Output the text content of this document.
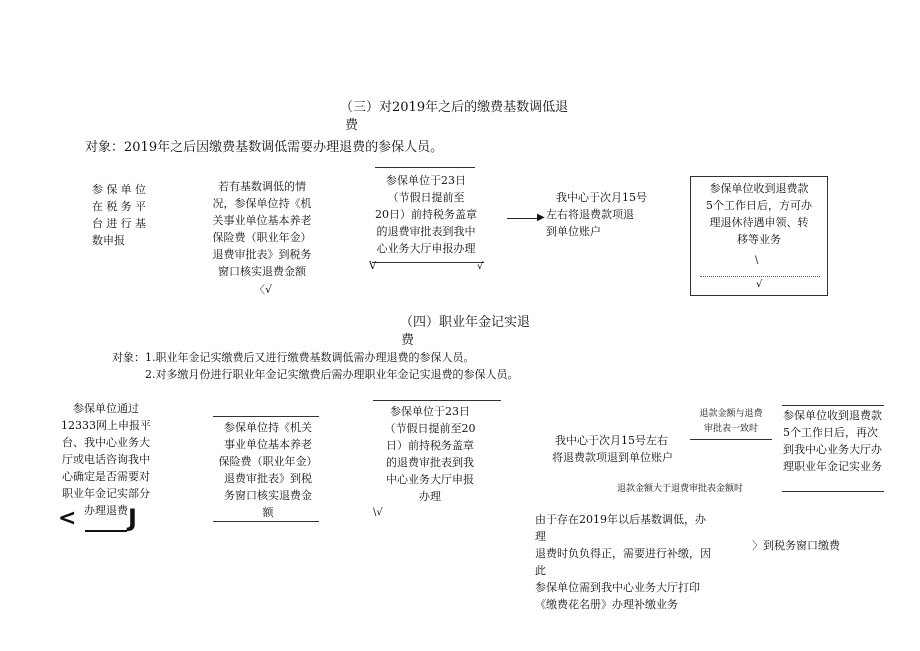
（三）对2019年之后的缴费基数调低退
费
对象：2019年之后因缴费基数调低需要办理退费的参保人员。
参保单位
在税务平
台进行基
数申报
若有基数调低的情
况，参保单位持《机
关事业单位基本养老
保险费（职业年金）
退费审批表》到税务
窗口核实退费金额
〈√
参保单位于23日
（节假日提前至
20日）前持税务盖章
的退费审批表到我中
心业务大厅申报办理
V	√
▶
我中心于次月15号
左右将退费款项退
到单位账户
参保单位收到退费款
5个工作日后，方可办
理退休待遇申领、转
移等业务
\
√
（四）职业年金记实退
费
对象：1.职业年金记实缴费后又进行缴费基数调低需办理退费的参保人员。
2.对多缴月份进行职业年金记实缴费后需办理职业年金记实退费的参保人员。
参保单位通过
12333网上申报平
台、我中心业务大
厅或电话咨询我中
心确定是否需要对
职业年金记实部分
办理退费
< J
参保单位持《机关
事业单位基本养老
保险费（职业年金）
退费审批表》到税
务窗口核实退费金
额
参保单位于23日
（节假日提前至20
日）前持税务盖章
的退费审批表到我
中心业务大厅申报
办理
\√
我中心于次月15号左右
将退费款项退到单位账户
退款金额与退费
审批表一致时
退款金额大于退费审批表金额时
参保单位收到退费款
5个工作日后，再次
到我中心业务大厅办
理职业年金记实业务
由于存在2019年以后基数调低，办理
退费时负负得正，需要进行补缴，因此
参保单位需到我中心业务大厅打印
《缴费花名册》办理补缴业务
〉到税务窗口缴费
